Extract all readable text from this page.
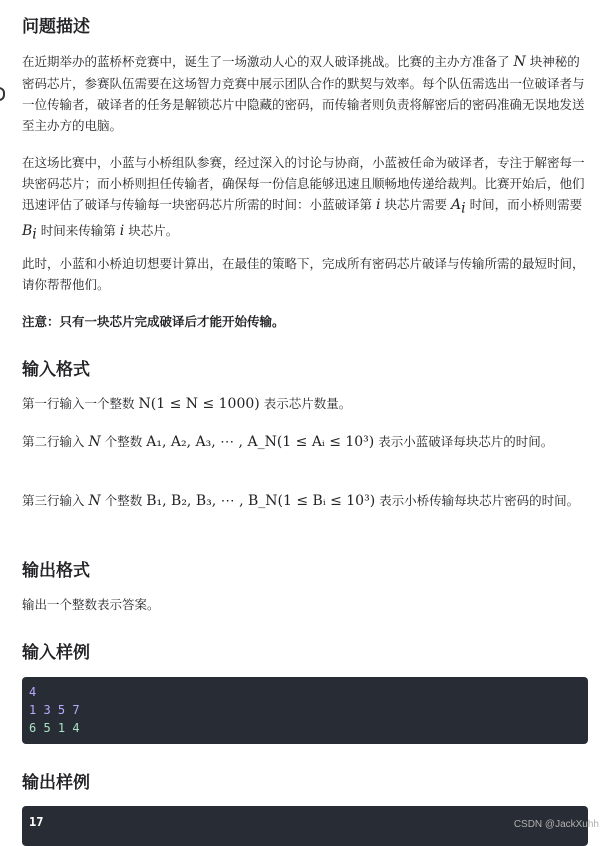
问题描述

在近期举办的蓝桥杯竞赛中，诞生了一场激动人心的双人破译挑战。比赛的主办方准备了 N 块神秘的密码芯片，参赛队伍需要在这场智力竞赛中展示团队合作的默契与效率。每个队伍需选出一位破译者与一位传输者，破译者的任务是解锁芯片中隐藏的密码，而传输者则负责将解密后的密码准确无误地发送至主办方的电脑。

在这场比赛中，小蓝与小桥组队参赛，经过深入的讨论与协商，小蓝被任命为破译者，专注于解密每一块密码芯片；而小桥则担任传输者，确保每一份信息能够迅速且顺畅地传递给裁判。比赛开始后，他们迅速评估了破译与传输每一块密码芯片所需的时间：小蓝破译第 i 块芯片需要 $A_i$ 时间，而小桥则需要 $B_i$ 时间来传输第 i 块芯片。

此时，小蓝和小桥迫切想要计算出，在最佳的策略下，完成所有密码芯片破译与传输所需的最短时间，请你帮帮他们。

注意：只有一块芯片完成破译后才能开始传输。

输入格式

第一行输入一个整数 N(1 ≤ N ≤ 1000) 表示芯片数量。

第二行输入 N 个整数 A₁, A₂, A₃, ⋯ , A_N(1 ≤ Aᵢ ≤ 10³) 表示小蓝破译每块芯片的时间。

第三行输入 N 个整数 B₁, B₂, B₃, ⋯ , B_N(1 ≤ Bᵢ ≤ 10³) 表示小桥传输每块芯片密码的时间。

输出格式

输出一个整数表示答案。

输入样例
4
1 3 5 7
6 5 1 4
输出样例
17	CSDN @JackXuhh
